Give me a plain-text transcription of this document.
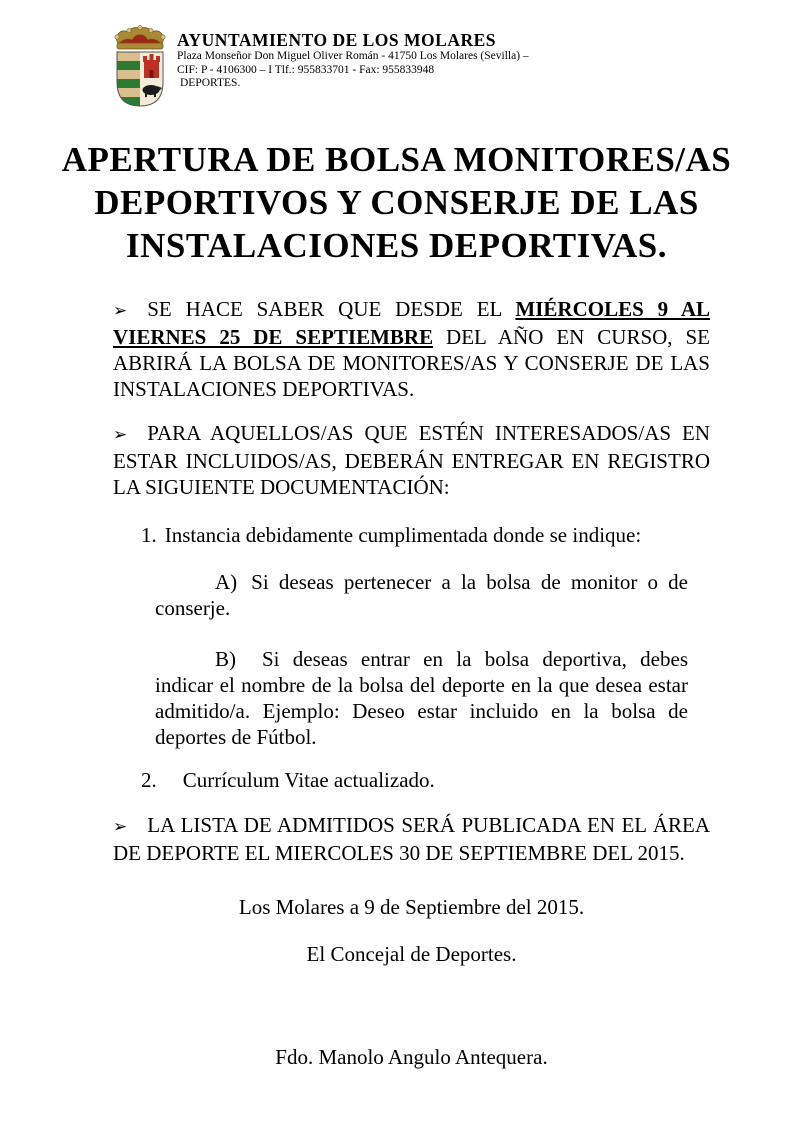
AYUNTAMIENTO DE LOS MOLARES
Plaza Monseñor Don Miguel Oliver Román - 41750 Los Molares (Sevilla) –
CIF: P - 4106300 – I Tlf.: 955833701 - Fax: 955833948
DEPORTES.
APERTURA DE BOLSA MONITORES/AS DEPORTIVOS Y CONSERJE DE LAS INSTALACIONES DEPORTIVAS.

➢ SE HACE SABER QUE DESDE EL MIÉRCOLES 9 AL VIERNES 25 DE SEPTIEMBRE DEL AÑO EN CURSO, SE ABRIRÁ LA BOLSA DE MONITORES/AS Y CONSERJE DE LAS INSTALACIONES DEPORTIVAS.

➢ PARA AQUELLOS/AS QUE ESTÉN INTERESADOS/AS EN ESTAR INCLUIDOS/AS, DEBERÁN ENTREGAR EN REGISTRO LA SIGUIENTE DOCUMENTACIÓN:

1. Instancia debidamente cumplimentada donde se indique:

A) Si deseas pertenecer a la bolsa de monitor o de conserje.

B) Si deseas entrar en la bolsa deportiva, debes indicar el nombre de la bolsa del deporte en la que desea estar admitido/a. Ejemplo: Deseo estar incluido en la bolsa de deportes de Fútbol.

2. Currículum Vitae actualizado.

➢ LA LISTA DE ADMITIDOS SERÁ PUBLICADA EN EL ÁREA DE DEPORTE EL MIERCOLES 30 DE SEPTIEMBRE DEL 2015.

Los Molares a 9 de Septiembre del 2015.

El Concejal de Deportes.

Fdo. Manolo Angulo Antequera.
